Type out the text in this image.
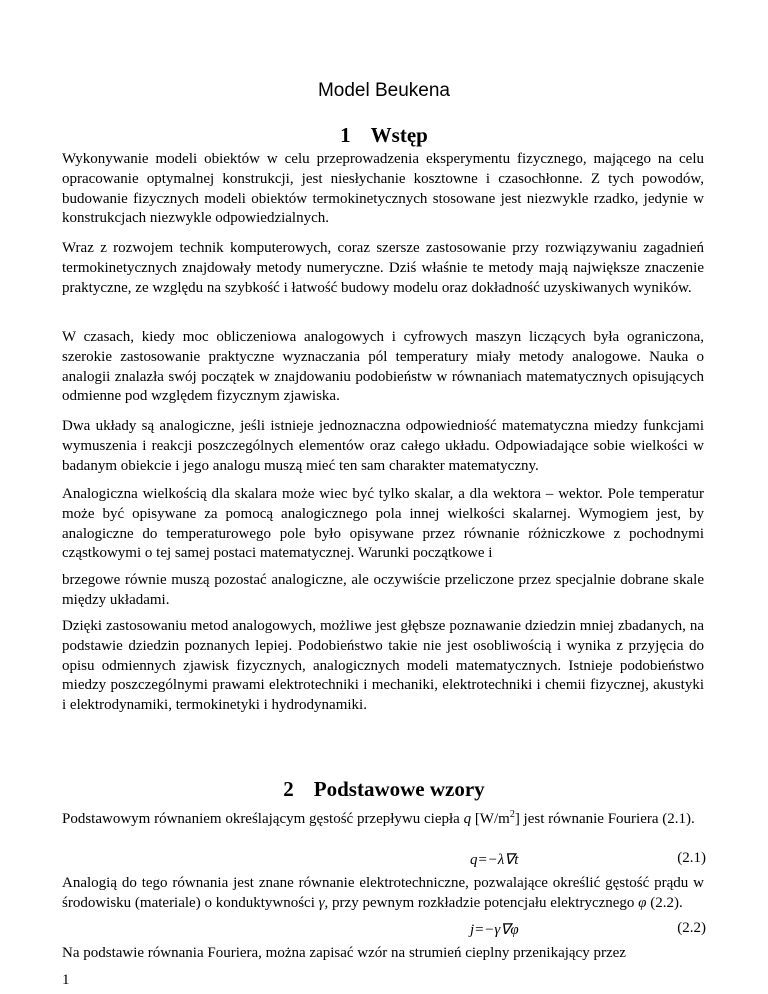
Model Beukena
1 Wstęp
Wykonywanie modeli obiektów w celu przeprowadzenia eksperymentu fizycznego, mającego na celu opracowanie optymalnej konstrukcji, jest niesłychanie kosztowne i czasochłonne. Z tych powodów, budowanie fizycznych modeli obiektów termokinetycznych stosowane jest niezwykle rzadko, jedynie w konstrukcjach niezwykle odpowiedzialnych.
Wraz z rozwojem technik komputerowych, coraz szersze zastosowanie przy rozwiązywaniu zagadnień termokinetycznych znajdowały metody numeryczne. Dziś właśnie te metody mają największe znaczenie praktyczne, ze względu na szybkość i łatwość budowy modelu oraz dokładność uzyskiwanych wyników.
W czasach, kiedy moc obliczeniowa analogowych i cyfrowych maszyn liczących była ograniczona, szerokie zastosowanie praktyczne wyznaczania pól temperatury miały metody analogowe. Nauka o analogii znalazła swój początek w znajdowaniu podobieństw w równaniach matematycznych opisujących odmienne pod względem fizycznym zjawiska.
Dwa układy są analogiczne, jeśli istnieje jednoznaczna odpowiedniość matematyczna miedzy funkcjami wymuszenia i reakcji poszczególnych elementów oraz całego układu. Odpowiadające sobie wielkości w badanym obiekcie i jego analogu muszą mieć ten sam charakter matematyczny.
Analogiczna wielkością dla skalara może wiec być tylko skalar, a dla wektora – wektor. Pole temperatur może być opisywane za pomocą analogicznego pola innej wielkości skalarnej. Wymogiem jest, by analogiczne do temperaturowego pole było opisywane przez równanie różniczkowe z pochodnymi cząstkowymi o tej samej postaci matematycznej. Warunki początkowe i
brzegowe równie muszą pozostać analogiczne, ale oczywiście przeliczone przez specjalnie dobrane skale między układami.
Dzięki zastosowaniu metod analogowych, możliwe jest głębsze poznawanie dziedzin mniej zbadanych, na podstawie dziedzin poznanych lepiej. Podobieństwo takie nie jest osobliwością i wynika z przyjęcia do opisu odmiennych zjawisk fizycznych, analogicznych modeli matematycznych. Istnieje podobieństwo miedzy poszczególnymi prawami elektrotechniki i mechaniki, elektrotechniki i chemii fizycznej, akustyki i elektrodynamiki, termokinetyki i hydrodynamiki.
2 Podstawowe wzory
Podstawowym równaniem określającym gęstość przepływu ciepła q $[W/m^2]$ jest równanie Fouriera (2.1).
q=−λ∇t	(2.1)
Analogią do tego równania jest znane równanie elektrotechniczne, pozwalające określić gęstość prądu w środowisku (materiale) o konduktywności γ, przy pewnym rozkładzie potencjału elektrycznego φ (2.2).
j=−γ∇φ	(2.2)
Na podstawie równania Fouriera, można zapisać wzór na strumień cieplny przenikający przez
1
